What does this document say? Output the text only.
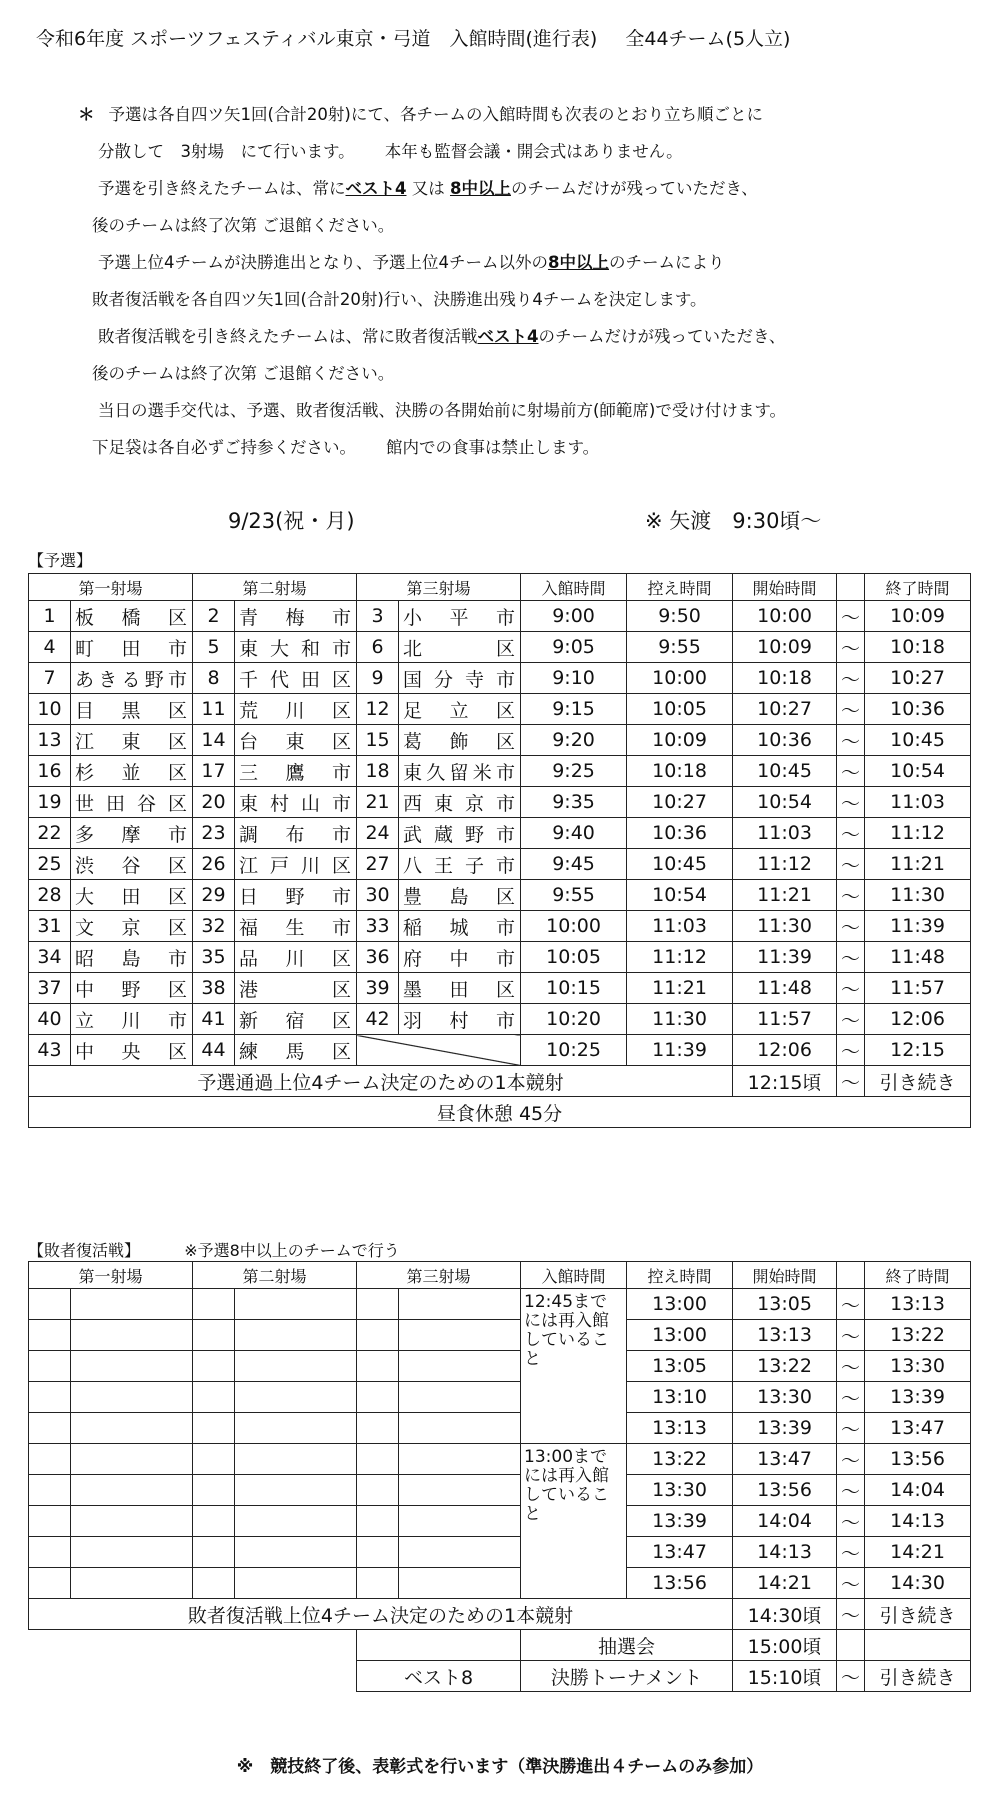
令和6年度 スポーツフェスティバル東京・弓道　入館時間(進行表) 全44チーム(5人立)
＊ 予選は各自四ツ矢1回(合計20射)にて、各チームの入館時間も次表のとおり立ち順ごとに
分散して　3射場　にて行います。 本年も監督会議・開会式はありません。
予選を引き終えたチームは、常にベスト4 又は 8中以上のチームだけが残っていただき、
後のチームは終了次第 ご退館ください。
予選上位4チームが決勝進出となり、予選上位4チーム以外の8中以上のチームにより
敗者復活戦を各自四ツ矢1回(合計20射)行い、決勝進出残り4チームを決定します。
敗者復活戦を引き終えたチームは、常に敗者復活戦ベスト4のチームだけが残っていただき、
後のチームは終了次第 ご退館ください。
当日の選手交代は、予選、敗者復活戦、決勝の各開始前に射場前方(師範席)で受け付けます。
下足袋は各自必ずご持参ください。 館内での食事は禁止します。
9/23(祝・月)	※ 矢渡　9:30頃～
【予選】
第一射場		第二射場		第三射場		入館時間	控え時間	開始時間		終了時間
1	板橋区	2	青梅市	3	小平市	9:00	9:50	10:00	～	10:09
4	町田市	5	東大和市	6	北区	9:05	9:55	10:09	～	10:18
7	あきる野市	8	千代田区	9	国分寺市	9:10	10:00	10:18	～	10:27
10	目黒区	11	荒川区	12	足立区	9:15	10:05	10:27	～	10:36
13	江東区	14	台東区	15	葛飾区	9:20	10:09	10:36	～	10:45
16	杉並区	17	三鷹市	18	東久留米市	9:25	10:18	10:45	～	10:54
19	世田谷区	20	東村山市	21	西東京市	9:35	10:27	10:54	～	11:03
22	多摩市	23	調布市	24	武蔵野市	9:40	10:36	11:03	～	11:12
25	渋谷区	26	江戸川区	27	八王子市	9:45	10:45	11:12	～	11:21
28	大田区	29	日野市	30	豊島区	9:55	10:54	11:21	～	11:30
31	文京区	32	福生市	33	稲城市	10:00	11:03	11:30	～	11:39
34	昭島市	35	品川区	36	府中市	10:05	11:12	11:39	～	11:48
37	中野区	38	港区	39	墨田区	10:15	11:21	11:48	～	11:57
40	立川市	41	新宿区	42	羽村市	10:20	11:30	11:57	～	12:06
43	中央区	44	練馬区			10:25	11:39	12:06	～	12:15
予選通過上位4チーム決定のための1本競射								12:15頃	～	引き続き
昼食休憩 45分										
【敗者復活戦】	※予選8中以上のチームで行う
第一射場		第二射場		第三射場		入館時間	控え時間	開始時間		終了時間
						12:45までには再入館していること	13:00	13:05	～	13:13
							13:00	13:13	～	13:22
							13:05	13:22	～	13:30
							13:10	13:30	～	13:39
							13:13	13:39	～	13:47
						13:00までには再入館していること	13:22	13:47	～	13:56
							13:30	13:56	～	14:04
							13:39	14:04	～	14:13
							13:47	14:13	～	14:21
							13:56	14:21	～	14:30
敗者復活戦上位4チーム決定のための1本競射								14:30頃	～	引き続き
						抽選会		15:00頃		
				ベスト8		決勝トーナメント		15:10頃	～	引き続き
※　競技終了後、表彰式を行います（準決勝進出４チームのみ参加）
